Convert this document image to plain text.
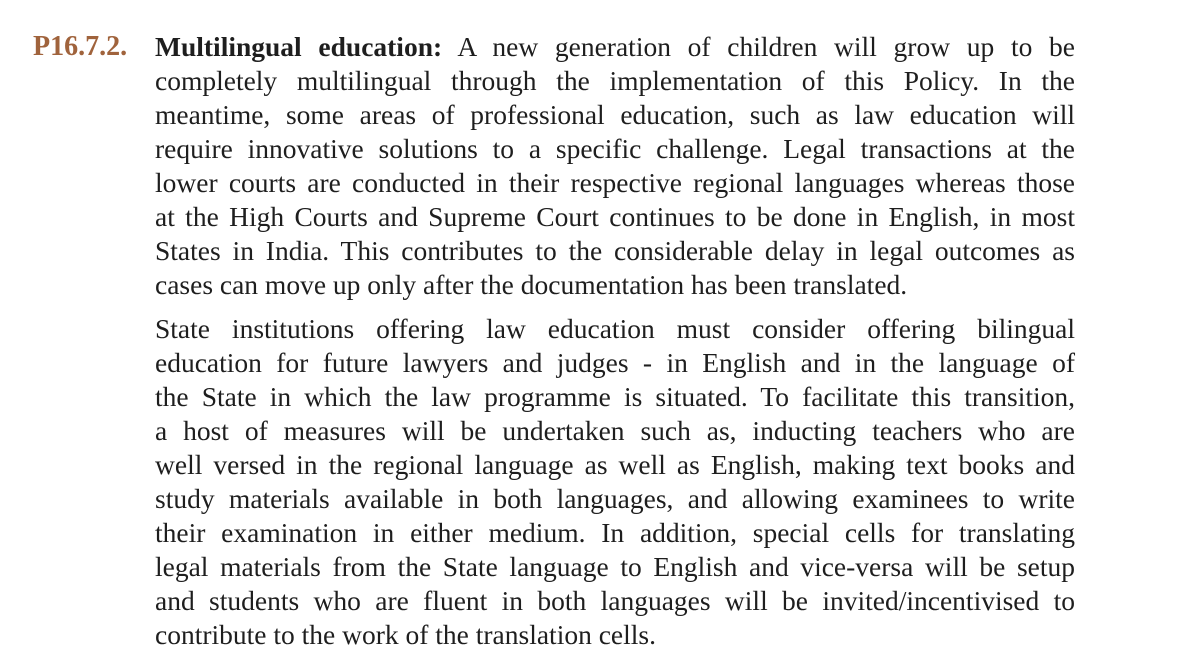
P16.7.2. Multilingual education: A new generation of children will grow up to be
completely multilingual through the implementation of this Policy. In the
meantime, some areas of professional education, such as law education will
require innovative solutions to a specific challenge. Legal transactions at the
lower courts are conducted in their respective regional languages whereas those
at the High Courts and Supreme Court continues to be done in English, in most
States in India. This contributes to the considerable delay in legal outcomes as
cases can move up only after the documentation has been translated.
State institutions offering law education must consider offering bilingual
education for future lawyers and judges - in English and in the language of
the State in which the law programme is situated. To facilitate this transition,
a host of measures will be undertaken such as, inducting teachers who are
well versed in the regional language as well as English, making text books and
study materials available in both languages, and allowing examinees to write
their examination in either medium. In addition, special cells for translating
legal materials from the State language to English and vice-versa will be setup
and students who are fluent in both languages will be invited/incentivised to
contribute to the work of the translation cells.
